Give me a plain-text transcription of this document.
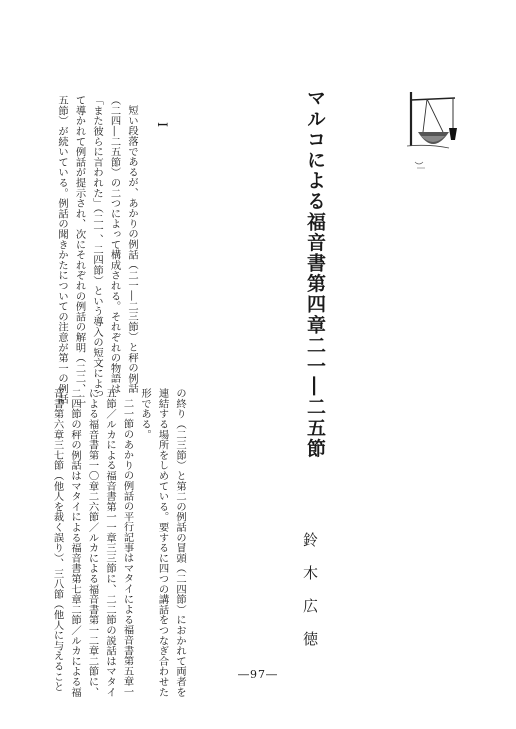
マルコによる福音書第四章二一―二五節
鈴木広徳
I

短い段落であるが、あかりの例話（二一―二三節）と秤の例話

（二四―二五節）の二つによって構成される。それぞれの物語は

「また彼らに言われた」（二一、二四節）という導入の短文によっ

て導かれて例話が提示され、次にそれぞれの例話の解明（二二、二

五節）が続いている。例話の聞きかたについての注意が第一の例話

の終り（二三節）と第二の例話の冒頭（二四節）におかれて両者を

連結する場所をしめている。要するに四つの講話をつなぎ合わせた

形である。

二一節のあかりの例話の平行記事はマタイによる福音書第五章一

五節／ルカによる福音書第一一章三三節に、二二節の説話はマタイ

による福音書第一〇章二六節／ルカによる福音書第一二章二節に、

二四節の秤の例話はマタイによる福音書第七章二節／ルカによる福

音書第六章三七節（他人を裁く誤り）、三八節（他人に与えること	―97―
